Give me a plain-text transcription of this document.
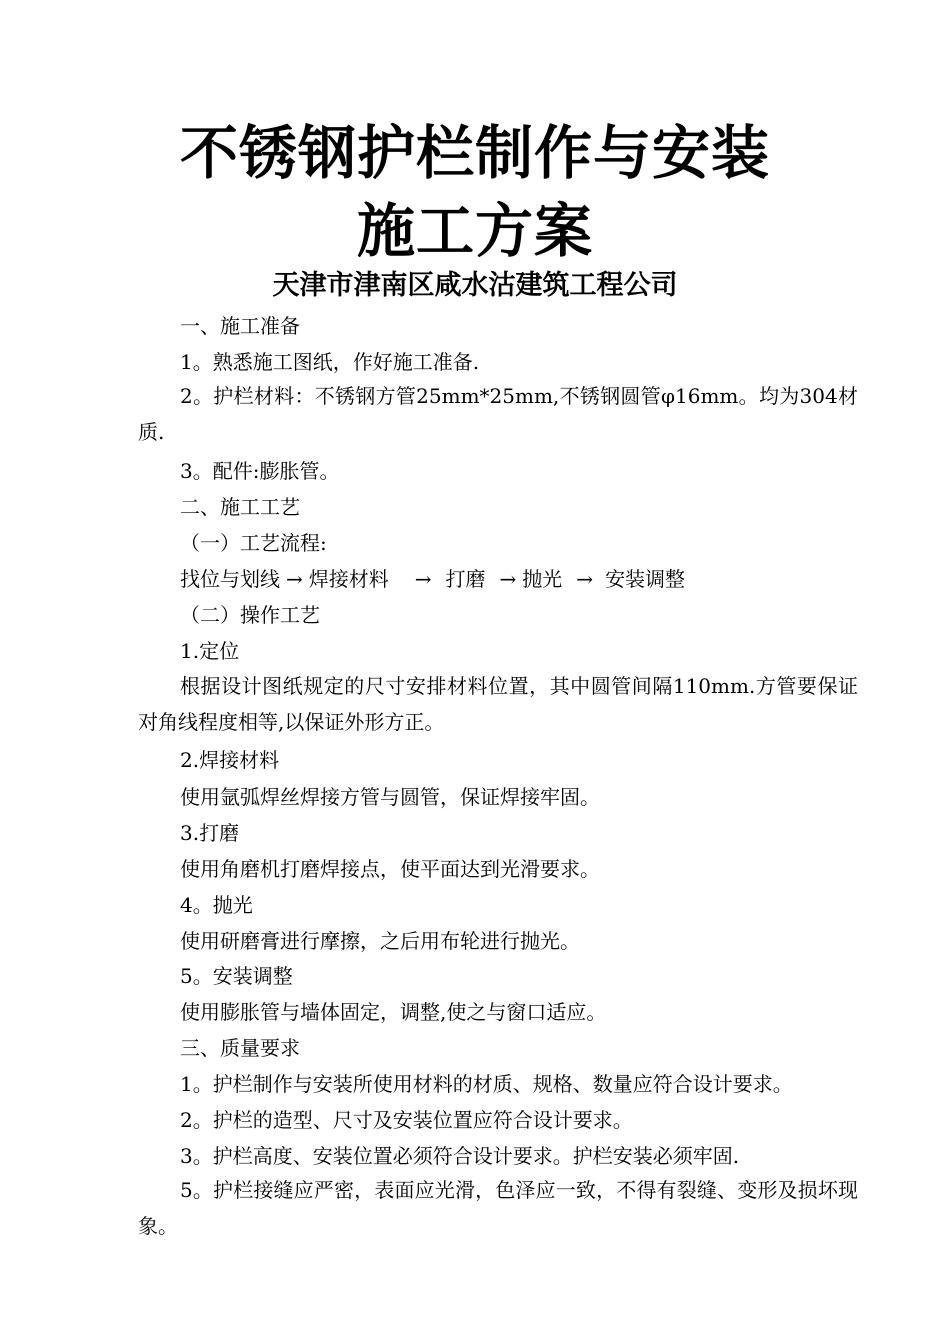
不锈钢护栏制作与安装
施工方案
天津市津南区咸水沽建筑工程公司
一、施工准备
1。熟悉施工图纸，作好施工准备.
2。护栏材料：不锈钢方管25mm*25mm,不锈钢圆管φ16mm。均为304材质.
3。配件:膨胀管。
二、施工工艺
（一）工艺流程:
找位与划线 → 焊接材料 → 打磨 → 抛光 → 安装调整
（二）操作工艺
1.定位
根据设计图纸规定的尺寸安排材料位置，其中圆管间隔110mm.方管要保证对角线程度相等,以保证外形方正。
2.焊接材料
使用氩弧焊丝焊接方管与圆管，保证焊接牢固。
3.打磨
使用角磨机打磨焊接点，使平面达到光滑要求。
4。抛光
使用研磨膏进行摩擦，之后用布轮进行抛光。
5。安装调整
使用膨胀管与墙体固定，调整,使之与窗口适应。
三、质量要求
1。护栏制作与安装所使用材料的材质、规格、数量应符合设计要求。
2。护栏的造型、尺寸及安装位置应符合设计要求。
3。护栏高度、安装位置必须符合设计要求。护栏安装必须牢固.
5。护栏接缝应严密，表面应光滑，色泽应一致，不得有裂缝、变形及损坏现象。
